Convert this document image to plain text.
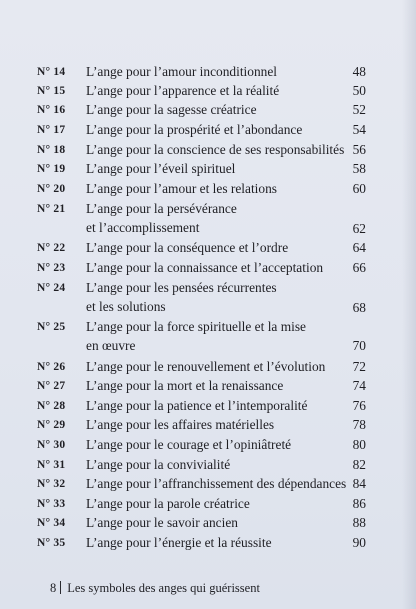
N° 14	L’ange pour l’amour inconditionnel	48
N° 15	L’ange pour l’apparence et la réalité	50
N° 16	L’ange pour la sagesse créatrice	52
N° 17	L’ange pour la prospérité et l’abondance	54
N° 18	L’ange pour la conscience de ses responsabilités 56
N° 19	L’ange pour l’éveil spirituel	58
N° 20	L’ange pour l’amour et les relations	60
N° 21	L’ange pour la persévérance
et l’accomplissement	62
N° 22	L’ange pour la conséquence et l’ordre	64
N° 23	L’ange pour la connaissance et l’acceptation	66
N° 24	L’ange pour les pensées récurrentes
et les solutions	68
N° 25	L’ange pour la force spirituelle et la mise
en œuvre	70
N° 26	L’ange pour le renouvellement et l’évolution	72
N° 27	L’ange pour la mort et la renaissance	74
N° 28	L’ange pour la patience et l’intemporalité	76
N° 29	L’ange pour les affaires matérielles	78
N° 30	L’ange pour le courage et l’opiniâtreté	80
N° 31	L’ange pour la convivialité	82
N° 32	L’ange pour l’affranchissement des dépendances 84
N° 33	L’ange pour la parole créatrice	86
N° 34	L’ange pour le savoir ancien	88
N° 35	L’ange pour l’énergie et la réussite	90
8 Les symboles des anges qui guérissent
